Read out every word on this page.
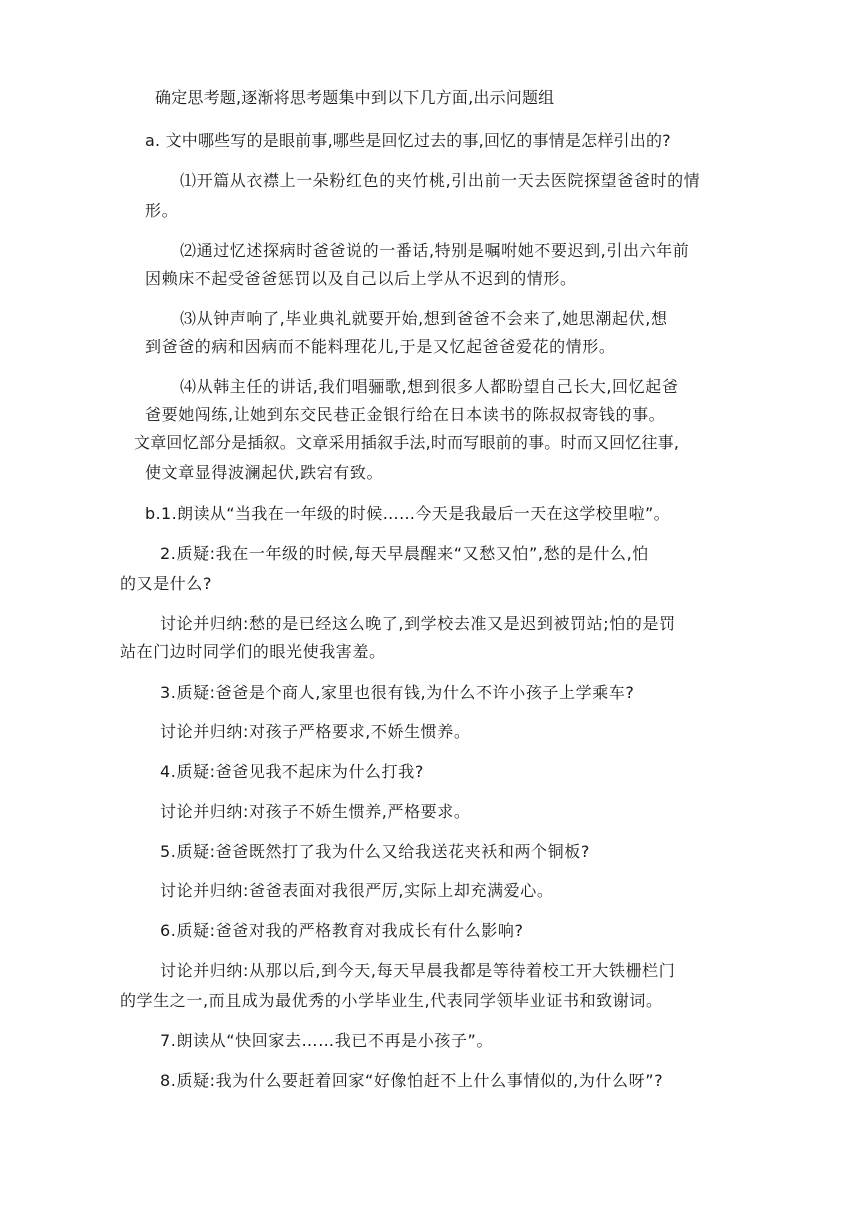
确定思考题,逐渐将思考题集中到以下几方面,出示问题组
a. 文中哪些写的是眼前事,哪些是回忆过去的事,回忆的事情是怎样引出的?
⑴开篇从衣襟上一朵粉红色的夹竹桃,引出前一天去医院探望爸爸时的情
形。
⑵通过忆述探病时爸爸说的一番话,特别是嘱咐她不要迟到,引出六年前
因赖床不起受爸爸惩罚以及自己以后上学从不迟到的情形。
⑶从钟声响了,毕业典礼就要开始,想到爸爸不会来了,她思潮起伏,想
到爸爸的病和因病而不能料理花儿,于是又忆起爸爸爱花的情形。
⑷从韩主任的讲话,我们唱骊歌,想到很多人都盼望自己长大,回忆起爸
爸要她闯练,让她到东交民巷正金银行给在日本读书的陈叔叔寄钱的事。
文章回忆部分是插叙。文章采用插叙手法,时而写眼前的事。时而又回忆往事,
使文章显得波澜起伏,跌宕有致。
b.1.朗读从“当我在一年级的时候……今天是我最后一天在这学校里啦”。
2.质疑:我在一年级的时候,每天早晨醒来“又愁又怕”,愁的是什么,怕
的又是什么?
讨论并归纳:愁的是已经这么晚了,到学校去准又是迟到被罚站;怕的是罚
站在门边时同学们的眼光使我害羞。
3.质疑:爸爸是个商人,家里也很有钱,为什么不许小孩子上学乘车?
讨论并归纳:对孩子严格要求,不娇生惯养。
4.质疑:爸爸见我不起床为什么打我?
讨论并归纳:对孩子不娇生惯养,严格要求。
5.质疑:爸爸既然打了我为什么又给我送花夹袄和两个铜板?
讨论并归纳:爸爸表面对我很严厉,实际上却充满爱心。
6.质疑:爸爸对我的严格教育对我成长有什么影响?
讨论并归纳:从那以后,到今天,每天早晨我都是等待着校工开大铁栅栏门
的学生之一,而且成为最优秀的小学毕业生,代表同学领毕业证书和致谢词。
7.朗读从“快回家去……我已不再是小孩子”。
8.质疑:我为什么要赶着回家“好像怕赶不上什么事情似的,为什么呀”?
